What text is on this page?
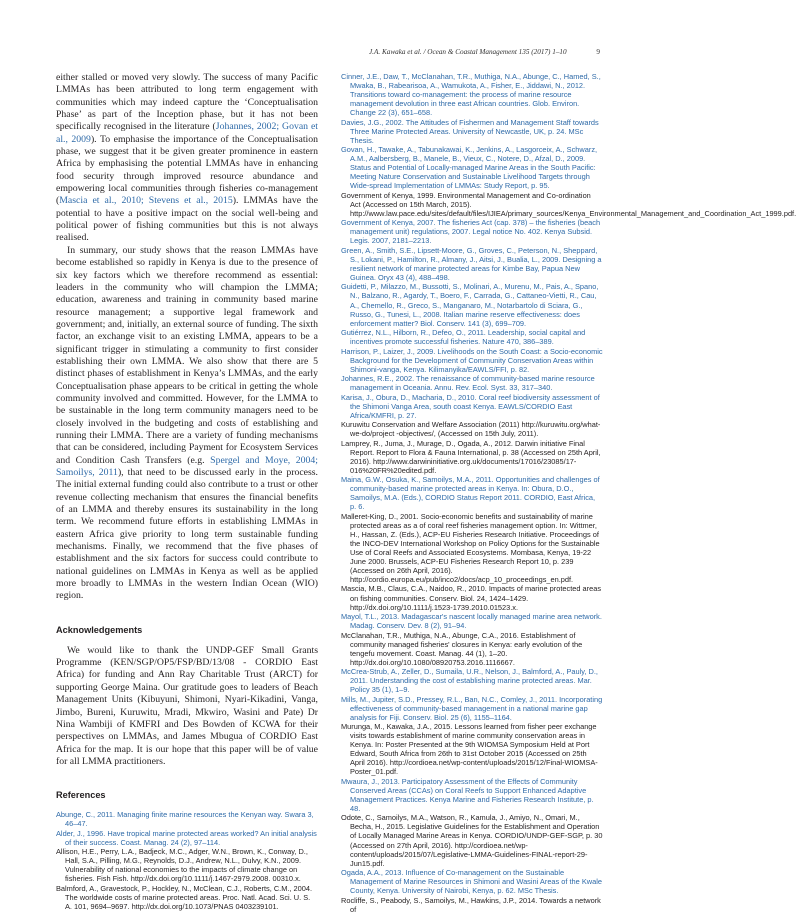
J.A. Kawaka et al. / Ocean & Coastal Management 135 (2017) 1–10	9

either stalled or moved very slowly. The success of many Pacific LMMAs has been attributed to long term engagement with communities which may indeed capture the ‘Conceptualisation Phase’ as part of the Inception phase, but it has not been specifically recognised in the literature (Johannes, 2002; Govan et al., 2009). To emphasise the importance of the Conceptualisation phase, we suggest that it be given greater prominence in eastern Africa by emphasising the potential LMMAs have in enhancing food security through improved resource abundance and empowering local communities through fisheries co-management (Mascia et al., 2010; Stevens et al., 2015). LMMAs have the potential to have a positive impact on the social well-being and political power of fishing communities but this is not always realised.

In summary, our study shows that the reason LMMAs have become established so rapidly in Kenya is due to the presence of six key factors which we therefore recommend as essential: leaders in the community who will champion the LMMA; education, awareness and training in community based marine resource management; a supportive legal framework and government; and, initially, an external source of funding. The sixth factor, an exchange visit to an existing LMMA, appears to be a significant trigger in stimulating a community to first consider establishing their own LMMA. We also show that there are 5 distinct phases of establishment in Kenya’s LMMAs, and the early Conceptualisation phase appears to be critical in getting the whole community involved and committed. However, for the LMMA to be sustainable in the long term community managers need to be closely involved in the budgeting and costs of establishing and running their LMMA. There are a variety of funding mechanisms that can be considered, including Payment for Ecosystem Services and Condition Cash Transfers (e.g. Spergel and Moye, 2004; Samoilys, 2011), that need to be discussed early in the process. The initial external funding could also contribute to a trust or other revenue collecting mechanism that ensures the financial benefits of an LMMA and thereby ensures its sustainability in the long term. We recommend future efforts in establishing LMMAs in eastern Africa give priority to long term sustainable funding mechanisms. Finally, we recommend that the five phases of establishment and the six factors for success could contribute to national guidelines on LMMAs in Kenya as well as be applied more broadly to LMMAs in the western Indian Ocean (WIO) region.

Acknowledgements

We would like to thank the UNDP-GEF Small Grants Programme (KEN/SGP/OP5/FSP/BD/13/08 - CORDIO East Africa) for funding and Ann Ray Charitable Trust (ARCT) for supporting George Maina. Our gratitude goes to leaders of Beach Management Units (Kibuyuni, Shimoni, Nyari-Kikadini, Vanga, Jimbo, Bureni, Kuruwitu, Mradi, Mkwiro, Wasini and Pate) Dr Nina Wambiji of KMFRI and Des Bowden of KCWA for their perspectives on LMMAs, and James Mbugua of CORDIO East Africa for the map. It is our hope that this paper will be of value for all LMMA practitioners.

References

Abunge, C., 2011. Managing finite marine resources the Kenyan way. Swara 3, 46–47.

Alder, J., 1996. Have tropical marine protected areas worked? An initial analysis of their success. Coast. Manag. 24 (2), 97–114.

Allison, H.E., Perry, L.A., Badjeck, M.C., Adger, W.N., Brown, K., Conway, D., Hall, S.A., Pilling, M.G., Reynolds, D.J., Andrew, N.L., Dulvy, K.N., 2009. Vulnerability of national economies to the impacts of climate change on fisheries. Fish Fish. http://dx.doi.org/10.1111/j.1467-2979.2008. 00310.x.

Balmford, A., Gravestock, P., Hockley, N., McClean, C.J., Roberts, C.M., 2004. The worldwide costs of marine protected areas. Proc. Natl. Acad. Sci. U. S. A. 101, 9694–9697. http://dx.doi.org/10.1073/PNAS 0403239101.

Cinner, J.E., Daw, T., McClanahan, T.R., Muthiga, N.A., Abunge, C., Hamed, S., Mwaka, B., Rabearisoa, A., Wamukota, A., Fisher, E., Jiddawi, N., 2012. Transitions toward co-management: the process of marine resource management devolution in three east African countries. Glob. Environ. Change 22 (3), 651–658.

Davies, J.G., 2002. The Attitudes of Fishermen and Management Staff towards Three Marine Protected Areas. University of Newcastle, UK, p. 24. MSc Thesis.

Govan, H., Tawake, A., Tabunakawai, K., Jenkins, A., Lasgorceix, A., Schwarz, A.M., Aalbersberg, B., Manele, B., Vieux, C., Notere, D., Afzal, D., 2009. Status and Potential of Locally-managed Marine Areas in the South Pacific: Meeting Nature Conservation and Sustainable Livelihood Targets through Wide-spread Implementation of LMMAs: Study Report, p. 95.

Government of Kenya, 1999. Environmental Management and Co-ordination Act (Accessed on 15th March, 2015). http://www.law.pace.edu/sites/default/files/IJIEA/primary_sources/Kenya_Environmental_Management_and_Coordination_Act_1999.pdf.

Government of Kenya, 2007. The fisheries Act (cap. 378) – the fisheries (beach management unit) regulations, 2007. Legal notice No. 402. Kenya Subsid. Legis. 2007, 2181–2213.

Green, A., Smith, S.E., Lipsett-Moore, G., Groves, C., Peterson, N., Sheppard, S., Lokani, P., Hamilton, R., Almany, J., Aitsi, J., Bualia, L., 2009. Designing a resilient network of marine protected areas for Kimbe Bay, Papua New Guinea. Oryx 43 (4), 488–498.

Guidetti, P., Milazzo, M., Bussotti, S., Molinari, A., Murenu, M., Pais, A., Spano, N., Balzano, R., Agardy, T., Boero, F., Carrada, G., Cattaneo-Vietti, R., Cau, A., Chemello, R., Greco, S., Manganaro, M., Notarbartolo di Sciara, G., Russo, G., Tunesi, L., 2008. Italian marine reserve effectiveness: does enforcement matter? Biol. Conserv. 141 (3), 699–709.

Gutiérrez, N.L., Hilborn, R., Defeo, O., 2011. Leadership, social capital and incentives promote successful fisheries. Nature 470, 386–389.

Harrison, P., Laizer, J., 2009. Livelihoods on the South Coast: a Socio-economic Background for the Development of Community Conservation Areas within Shimoni-vanga, Kenya. Kilimanyika/EAWLS/FFI, p. 82.

Johannes, R.E., 2002. The renaissance of community-based marine resource management in Oceania. Annu. Rev. Ecol. Syst. 33, 317–340.

Karisa, J., Obura, D., Macharia, D., 2010. Coral reef biodiversity assessment of the Shimoni Vanga Area, south coast Kenya. EAWLS/CORDIO East Africa/KMFRI, p. 27.

Kuruwitu Conservation and Welfare Association (2011) http://kuruwitu.org/what-we-do/project -objectives/, (Accessed on 15th July, 2011).

Lamprey, R., Juma, J., Murage, D., Ogada, A., 2012. Darwin initiative Final Report. Report to Flora & Fauna International, p. 38 (Accessed on 25th April, 2016). http://www.darwininitiative.org.uk/documents/17016/23085/17-016%20FR%20edited.pdf.

Maina, G.W., Osuka, K., Samoilys, M.A., 2011. Opportunities and challenges of community-based marine protected areas in Kenya. In: Obura, D.O., Samoilys, M.A. (Eds.), CORDIO Status Report 2011. CORDIO, East Africa, p. 6.

Malleret-King, D., 2001. Socio-economic benefits and sustainability of marine protected areas as a of coral reef fisheries management option. In: Wittmer, H., Hassan, Z. (Eds.), ACP-EU Fisheries Research Initiative. Proceedings of the INCO-DEV International Workshop on Policy Options for the Sustainable Use of Coral Reefs and Associated Ecosystems. Mombasa, Kenya, 19-22 June 2000. Brussels, ACP-EU Fisheries Research Report 10, p. 239 (Accessed on 26th April, 2016). http://cordio.europa.eu/pub/inco2/docs/acp_10_proceedings_en.pdf.

Mascia, M.B., Claus, C.A., Naidoo, R., 2010. Impacts of marine protected areas on fishing communities. Conserv. Biol. 24, 1424–1429. http://dx.doi.org/10.1111/j.1523-1739.2010.01523.x.

Mayol, T.L., 2013. Madagascar's nascent locally managed marine area network. Madag. Conserv. Dev. 8 (2), 91–94.

McClanahan, T.R., Muthiga, N.A., Abunge, C.A., 2016. Establishment of community managed fisheries' closures in Kenya: early evolution of the tengefu movement. Coast. Manag. 44 (1), 1–20. http://dx.doi.org/10.1080/08920753.2016.1116667.

McCrea-Strub, A., Zeller, D., Sumaila, U.R., Nelson, J., Balmford, A., Pauly, D., 2011. Understanding the cost of establishing marine protected areas. Mar. Policy 35 (1), 1–9.

Mills, M., Jupiter, S.D., Pressey, R.L., Ban, N.C., Comley, J., 2011. Incorporating effectiveness of community-based management in a national marine gap analysis for Fiji. Conserv. Biol. 25 (6), 1155–1164.

Murunga, M., Kawaka, J.A., 2015. Lessons learned from fisher peer exchange visits towards establishment of marine community conservation areas in Kenya. In: Poster Presented at the 9th WIOMSA Symposium Held at Port Edward, South Africa from 26th to 31st October 2015 (Accessed on 25th April 2016). http://cordioea.net/wp-content/uploads/2015/12/Final-WIOMSA-Poster_01.pdf.

Mwaura, J., 2013. Participatory Assessment of the Effects of Community Conserved Areas (CCAs) on Coral Reefs to Support Enhanced Adaptive Management Practices. Kenya Marine and Fisheries Research Institute, p. 48.

Odote, C., Samoilys, M.A., Watson, R., Kamula, J., Amiyo, N., Omari, M., Becha, H., 2015. Legislative Guidelines for the Establishment and Operation of Locally Managed Marine Areas in Kenya. CORDIO/UNDP-GEF-SGP, p. 30 (Accessed on 27th April, 2016). http://cordioea.net/wp-content/uploads/2015/07/Legislative-LMMA-Guidelines-FINAL-report-29-Jun15.pdf.

Ogada, A.A., 2013. Influence of Co-management on the Sustainable Management of Marine Resources in Shimoni and Wasini Areas of the Kwale County, Kenya. University of Nairobi, Kenya, p. 62. MSc Thesis.

Rocliffe, S., Peabody, S., Samoilys, M., Hawkins, J.P., 2014. Towards a network of
